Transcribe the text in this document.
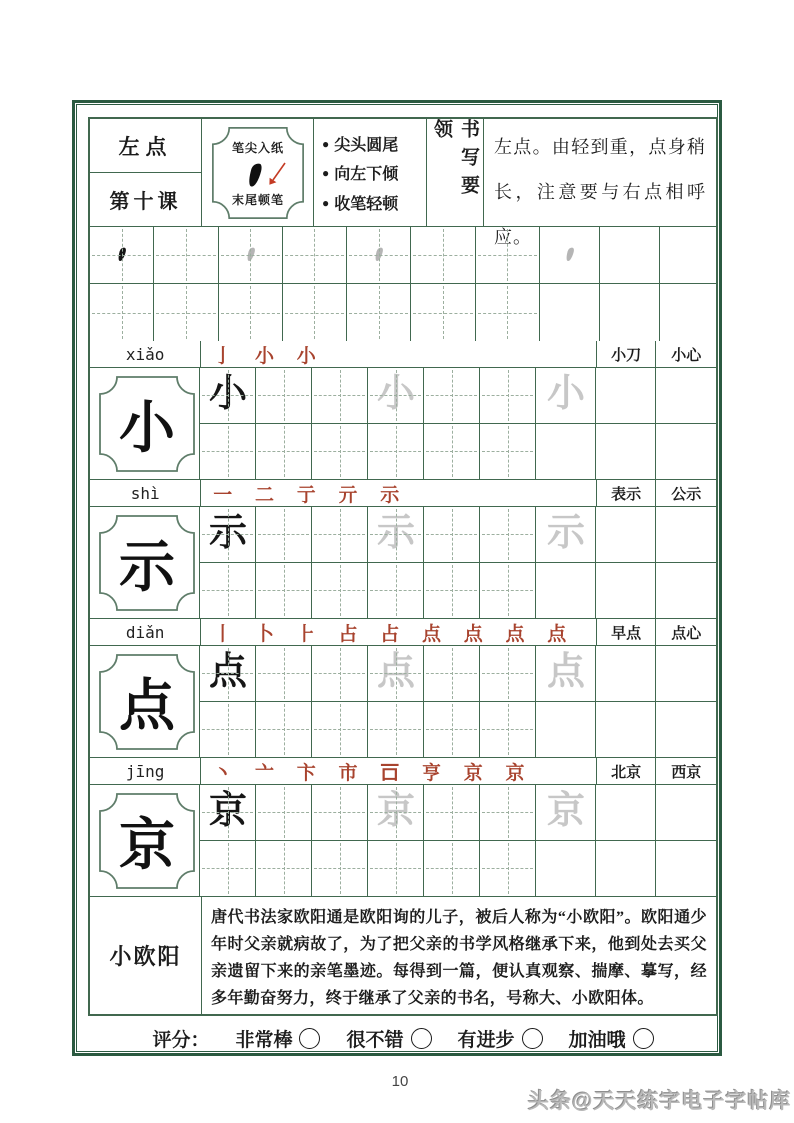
左点
第十课
笔尖入纸
末尾顿笔
● 尖头圆尾
● 向左下倾
● 收笔轻顿
书写要领	左点。由轻到重，点身稍长，注意要与右点相呼应。
xiǎo	亅 小 小	小刀	小心
小
小	小	小
shì	一 二 亍 亓 示	表示	公示
示
示	示	示
diǎn	丨 卜 ⺊ 占 占 点 点 点 点	早点	点心
点
点	点	点
jīng	丶 亠 卞 市 𠮛 亨 京 京	北京	西京
京
京	京	京
小欧阳
唐代书法家欧阳通是欧阳询的儿子，被后人称为“小欧阳”。欧阳通少年时父亲就病故了，为了把父亲的书学风格继承下来，他到处去买父亲遗留下来的亲笔墨迹。每得到一篇，便认真观察、揣摩、摹写，经多年勤奋努力，终于继承了父亲的书名，号称大、小欧阳体。
评分： 非常棒	很不错	有进步	加油哦
10
头条@天天练字电子字帖库
